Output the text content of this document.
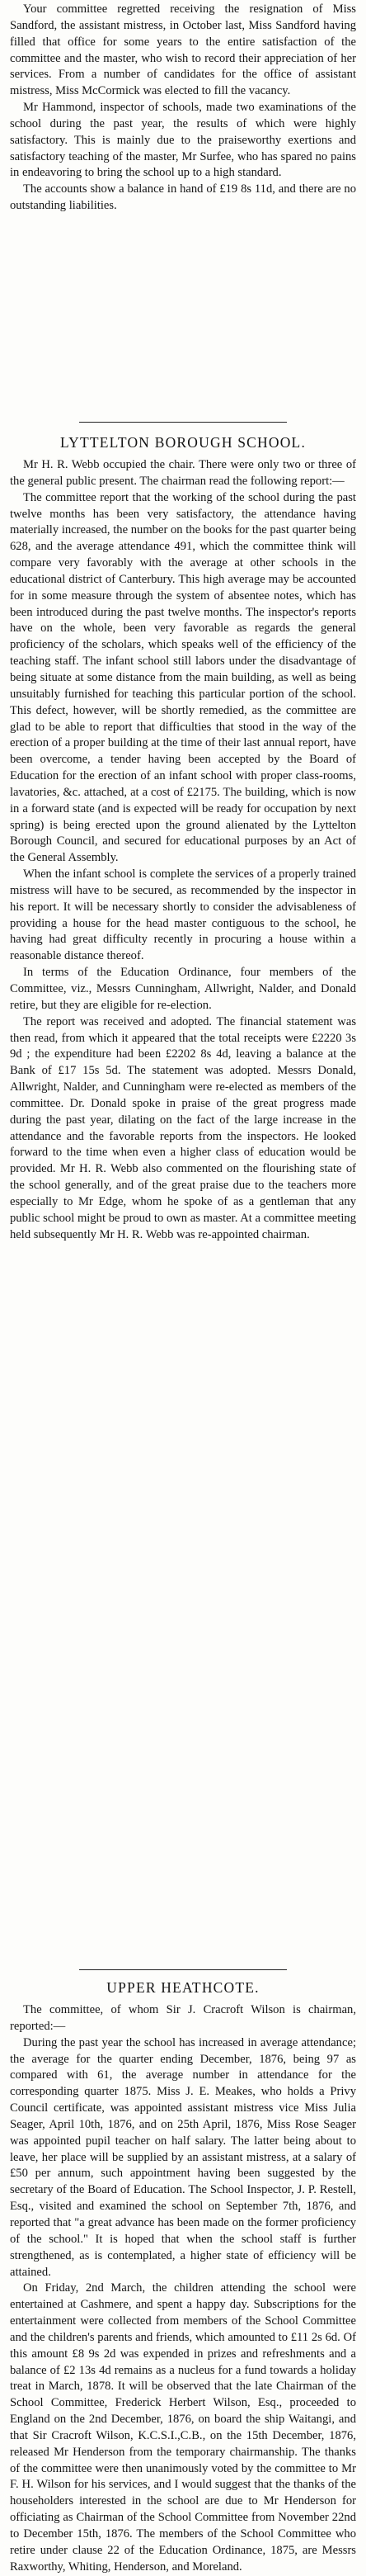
Your committee regretted receiving the resignation of Miss Sandford, the assistant mistress, in October last, Miss Sandford having filled that office for some years to the entire satisfaction of the committee and the master, who wish to record their appreciation of her services. From a number of candidates for the office of assistant mistress, Miss McCormick was elected to fill the vacancy.

Mr Hammond, inspector of schools, made two examinations of the school during the past year, the results of which were highly satisfactory. This is mainly due to the praiseworthy exertions and satisfactory teaching of the master, Mr Surfee, who has spared no pains in endeavoring to bring the school up to a high standard.

The accounts show a balance in hand of £19 8s 11d, and there are no outstanding liabilities.

LYTTELTON BOROUGH SCHOOL.

Mr H. R. Webb occupied the chair. There were only two or three of the general public present. The chairman read the following report:—

The committee report that the working of the school during the past twelve months has been very satisfactory, the attendance having materially increased, the number on the books for the past quarter being 628, and the average attendance 491, which the committee think will compare very favorably with the average at other schools in the educational district of Canterbury. This high average may be accounted for in some measure through the system of absentee notes, which has been introduced during the past twelve months. The inspector's reports have on the whole, been very favorable as regards the general proficiency of the scholars, which speaks well of the efficiency of the teaching staff. The infant school still labors under the disadvantage of being situate at some distance from the main building, as well as being unsuitably furnished for teaching this particular portion of the school. This defect, however, will be shortly remedied, as the committee are glad to be able to report that difficulties that stood in the way of the erection of a proper building at the time of their last annual report, have been overcome, a tender having been accepted by the Board of Education for the erection of an infant school with proper class-rooms, lavatories, &c. attached, at a cost of £2175. The building, which is now in a forward state (and is expected will be ready for occupation by next spring) is being erected upon the ground alienated by the Lyttelton Borough Council, and secured for educational purposes by an Act of the General Assembly.

When the infant school is complete the services of a properly trained mistress will have to be secured, as recommended by the inspector in his report. It will be necessary shortly to consider the advisableness of providing a house for the head master contiguous to the school, he having had great difficulty recently in procuring a house within a reasonable distance thereof.

In terms of the Education Ordinance, four members of the Committee, viz., Messrs Cunningham, Allwright, Nalder, and Donald retire, but they are eligible for re-election.

The report was received and adopted. The financial statement was then read, from which it appeared that the total receipts were £2220 3s 9d ; the expenditure had been £2202 8s 4d, leaving a balance at the Bank of £17 15s 5d. The statement was adopted. Messrs Donald, Allwright, Nalder, and Cunningham were re-elected as members of the committee. Dr. Donald spoke in praise of the great progress made during the past year, dilating on the fact of the large increase in the attendance and the favorable reports from the inspectors. He looked forward to the time when even a higher class of education would be provided. Mr H. R. Webb also commented on the flourishing state of the school generally, and of the great praise due to the teachers more especially to Mr Edge, whom he spoke of as a gentleman that any public school might be proud to own as master. At a committee meeting held subsequently Mr H. R. Webb was re-appointed chairman.

UPPER HEATHCOTE.

The committee, of whom Sir J. Cracroft Wilson is chairman, reported:—

During the past year the school has increased in average attendance; the average for the quarter ending December, 1876, being 97 as compared with 61, the average number in attendance for the corresponding quarter 1875. Miss J. E. Meakes, who holds a Privy Council certificate, was appointed assistant mistress vice Miss Julia Seager, April 10th, 1876, and on 25th April, 1876, Miss Rose Seager was appointed pupil teacher on half salary. The latter being about to leave, her place will be supplied by an assistant mistress, at a salary of £50 per annum, such appointment having been suggested by the secretary of the Board of Education. The School Inspector, J. P. Restell, Esq., visited and examined the school on September 7th, 1876, and reported that "a great advance has been made on the former proficiency of the school." It is hoped that when the school staff is further strengthened, as is contemplated, a higher state of efficiency will be attained.

On Friday, 2nd March, the children attending the school were entertained at Cashmere, and spent a happy day. Subscriptions for the entertainment were collected from members of the School Committee and the children's parents and friends, which amounted to £11 2s 6d. Of this amount £8 9s 2d was expended in prizes and refreshments and a balance of £2 13s 4d remains as a nucleus for a fund towards a holiday treat in March, 1878. It will be observed that the late Chairman of the School Committee, Frederick Herbert Wilson, Esq., proceeded to England on the 2nd December, 1876, on board the ship Waitangi, and that Sir Cracroft Wilson, K.C.S.I.,C.B., on the 15th December, 1876, released Mr Henderson from the temporary chairmanship. The thanks of the committee were then unanimously voted by the committee to Mr F. H. Wilson for his services, and I would suggest that the thanks of the householders interested in the school are due to Mr Henderson for officiating as Chairman of the School Committee from November 22nd to December 15th, 1876. The members of the School Committee who retire under clause 22 of the Education Ordinance, 1875, are Messrs Raxworthy, Whiting, Henderson, and Moreland.
